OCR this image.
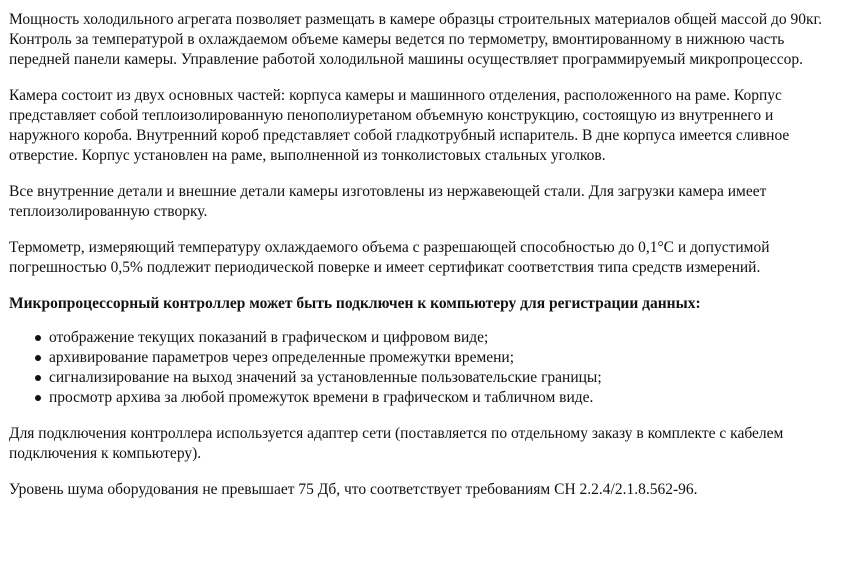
Мощность холодильного агрегата позволяет размещать в камере образцы строительных материалов общей массой до 90кг. Контроль за температурой в охлаждаемом объеме камеры ведется по термометру, вмонтированному в нижнюю часть передней панели камеры. Управление работой холодильной машины осуществляет программируемый микропроцессор.

Камера состоит из двух основных частей: корпуса камеры и машинного отделения, расположенного на раме. Корпус представляет собой теплоизолированную пенополиуретаном объемную конструкцию, состоящую из внутреннего и наружного короба. Внутренний короб представляет собой гладкотрубный испаритель. В дне корпуса имеется сливное отверстие. Корпус установлен на раме, выполненной из тонколистовых стальных уголков.

Все внутренние детали и внешние детали камеры изготовлены из нержавеющей стали. Для загрузки камера имеет теплоизолированную створку.

Термометр, измеряющий температуру охлаждаемого объема с разрешающей способностью до 0,1°С и допустимой погрешностью 0,5% подлежит периодической поверке и имеет сертификат соответствия типа средств измерений.

Микропроцессорный контроллер может быть подключен к компьютеру для регистрации данных:

отображение текущих показаний в графическом и цифровом виде;
архивирование параметров через определенные промежутки времени;
сигнализирование на выход значений за установленные пользовательские границы;
просмотр архива за любой промежуток времени в графическом и табличном виде.

Для подключения контроллера используется адаптер сети (поставляется по отдельному заказу в комплекте с кабелем подключения к компьютеру).

Уровень шума оборудования не превышает 75 Дб, что соответствует требованиям СН 2.2.4/2.1.8.562-96.
